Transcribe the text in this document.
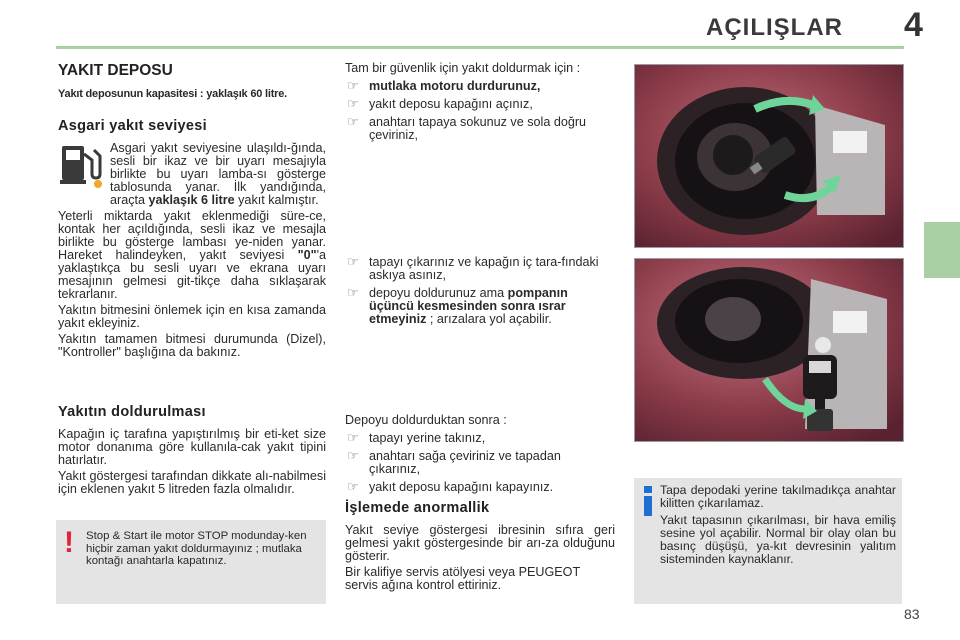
AÇILIŞLAR	4
YAKIT DEPOSU
Yakıt deposunun kapasitesi : yaklaşık 60 litre.
Asgari yakıt seviyesi

Asgari yakıt seviyesine ulaşıldı-ğında, sesli bir ikaz ve bir uyarı mesajıyla birlikte bu uyarı lamba-sı gösterge tablosunda yanar. İlk yandığında, araçta yaklaşık 6 litre yakıt kalmıştır.

Yeterli miktarda yakıt eklenmediği süre-ce, kontak her açıldığında, sesli ikaz ve mesajla birlikte bu gösterge lambası ye-niden yanar. Hareket halindeyken, yakıt seviyesi "0"'a yaklaştıkça bu sesli uyarı ve ekrana uyarı mesajının gelmesi git-tikçe daha sıklaşarak tekrarlanır.

Yakıtın bitmesini önlemek için en kısa zamanda yakıt ekleyiniz.

Yakıtın tamamen bitmesi durumunda (Dizel), "Kontroller" başlığına da bakınız.

Yakıtın doldurulması

Kapağın iç tarafına yapıştırılmış bir eti-ket size motor donanıma göre kullanıla-cak yakıt tipini hatırlatır.

Yakıt göstergesi tarafından dikkate alı-nabilmesi için eklenen yakıt 5 litreden fazla olmalıdır.

! Stop & Start ile motor STOP modunday-ken hiçbir zaman yakıt doldurmayınız ; mutlaka kontağı anahtarla kapatınız.

Tam bir güvenlik için yakıt doldurmak için :

☞ mutlaka motoru durdurunuz,
☞ yakıt deposu kapağını açınız,
☞ anahtarı tapaya sokunuz ve sola doğru çeviriniz,
☞ tapayı çıkarınız ve kapağın iç tara-fındaki askıya asınız,
☞ depoyu doldurunuz ama pompanın üçüncü kesmesinden sonra ısrar etmeyiniz ; arızalara yol açabilir.

Depoyu doldurduktan sonra :

☞ tapayı yerine takınız,
☞ anahtarı sağa çeviriniz ve tapadan çıkarınız,
☞ yakıt deposu kapağını kapayınız.
İşlemede anormallik

Yakıt seviye göstergesi ibresinin sıfıra geri gelmesi yakıt göstergesinde bir arı-za olduğunu gösterir.

Bir kalifiye servis atölyesi veya PEUGEOT servis ağına kontrol ettiriniz.

Tapa depodaki yerine takılmadıkça anahtar kilitten çıkarılamaz.

Yakıt tapasının çıkarılması, bir hava emiliş sesine yol açabilir. Normal bir olay olan bu basınç düşüşü, ya-kıt devresinin yalıtım sisteminden kaynaklanır.

83
